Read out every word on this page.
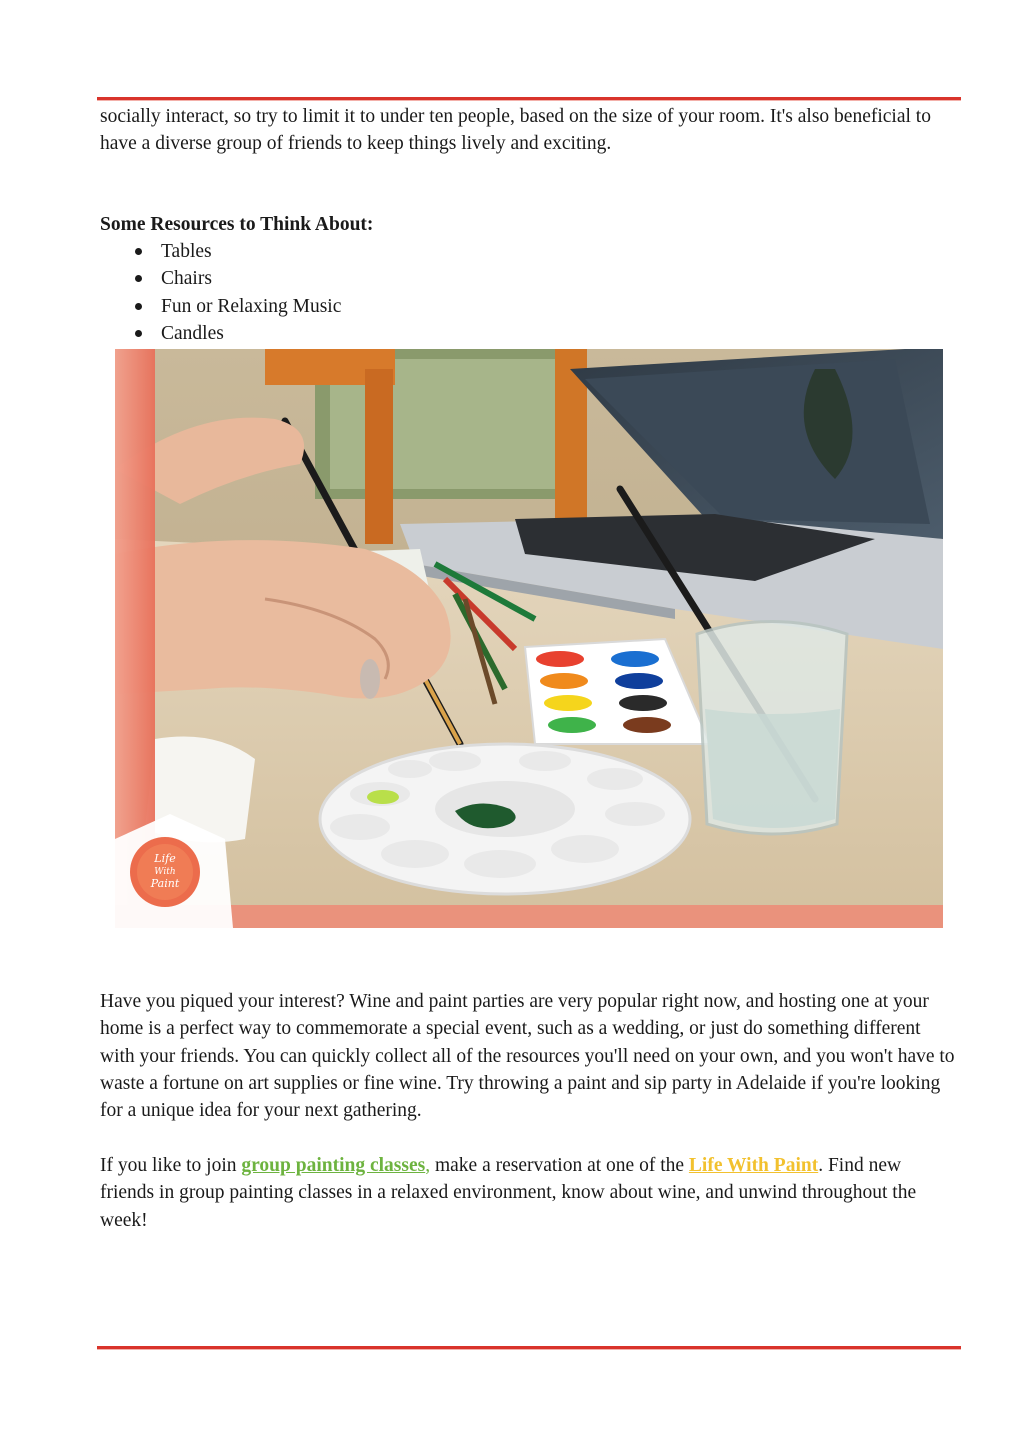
socially interact, so try to limit it to under ten people, based on the size of your room. It's also beneficial to have a diverse group of friends to keep things lively and exciting.
Some Resources to Think About:
Tables
Chairs
Fun or Relaxing Music
Candles
Life
With
Paint
Have you piqued your interest? Wine and paint parties are very popular right now, and hosting one at your home is a perfect way to commemorate a special event, such as a wedding, or just do something different with your friends. You can quickly collect all of the resources you'll need on your own, and you won't have to waste a fortune on art supplies or fine wine. Try throwing a paint and sip party in Adelaide if you're looking for a unique idea for your next gathering.
If you like to join group painting classes, make a reservation at one of the Life With Paint. Find new friends in group painting classes in a relaxed environment, know about wine, and unwind throughout the week!
